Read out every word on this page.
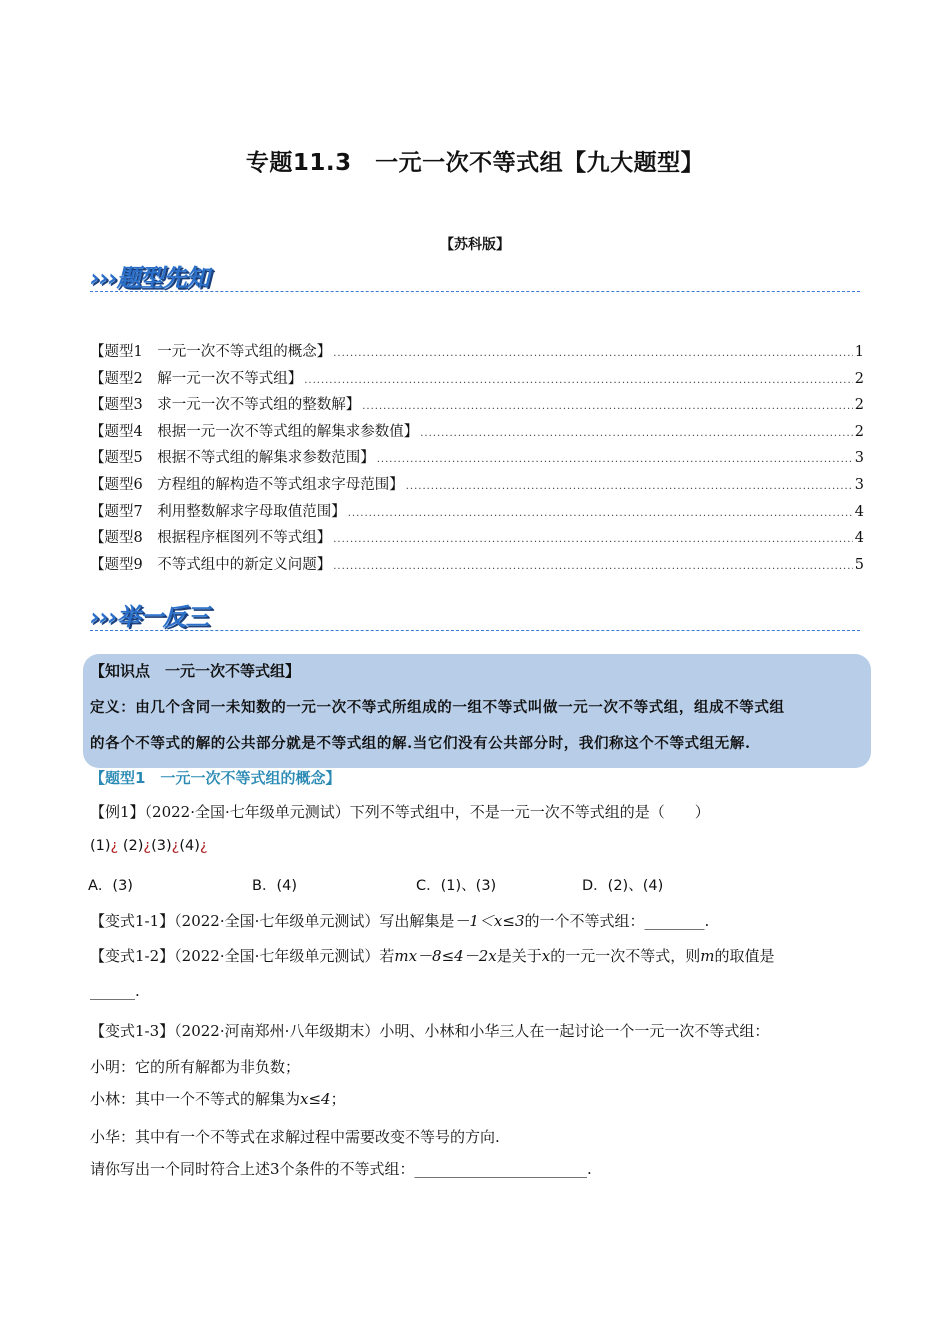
专题11.3　一元一次不等式组【九大题型】
【苏科版】
›››题型先知
【题型1　一元一次不等式组的概念】 .....	1
【题型2　解一元一次不等式组】 .....	2
【题型3　求一元一次不等式组的整数解】 .....	2
【题型4　根据一元一次不等式组的解集求参数值】 .....	2
【题型5　根据不等式组的解集求参数范围】 .....	3
【题型6　方程组的解构造不等式组求字母范围】 .....	3
【题型7　利用整数解求字母取值范围】 .....	4
【题型8　根据程序框图列不等式组】 .....	4
【题型9　不等式组中的新定义问题】 .....	5
›››举一反三
【知识点　一元一次不等式组】
定义：由几个含同一未知数的一元一次不等式所组成的一组不等式叫做一元一次不等式组，组成不等式组
的各个不等式的解的公共部分就是不等式组的解.当它们没有公共部分时，我们称这个不等式组无解.
【题型1　一元一次不等式组的概念】
【例1】（2022·全国·七年级单元测试）下列不等式组中，不是一元一次不等式组的是（　　）
(1)¿ (2)¿(3)¿(4)¿
A．(3)	B．(4)	C．(1)、(3)	D．(2)、(4)
【变式1-1】（2022·全国·七年级单元测试）写出解集是－1＜x≤3的一个不等式组：________.
【变式1-2】（2022·全国·七年级单元测试）若mx－8≤4－2x是关于x的一元一次不等式，则m的取值是
______.
【变式1-3】（2022·河南郑州·八年级期末）小明、小林和小华三人在一起讨论一个一元一次不等式组：
小明：它的所有解都为非负数；
小林：其中一个不等式的解集为x≤4；
小华：其中有一个不等式在求解过程中需要改变不等号的方向.
请你写出一个同时符合上述3个条件的不等式组：_______________________.
